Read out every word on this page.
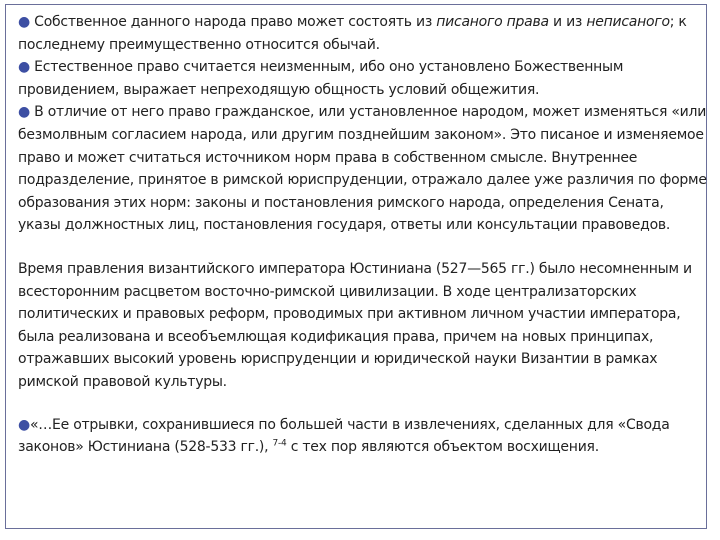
● Собственное данного народа право может состоять из писаного права и из неписаного; к последнему преимущественно относится обычай.

● Естественное право считается неизменным, ибо оно установлено Божественным провидением, выражает непреходящую общность условий общежития.

● В отличие от него право гражданское, или установленное народом, может изменяться «или безмолвным согласием народа, или другим позднейшим законом». Это писаное и изменяемое право и может считаться источником норм права в собственном смысле. Внутреннее подразделение, принятое в римской юриспруденции, отражало далее уже различия по форме образования этих норм: законы и постановления римского народа, определения Сената, указы должностных лиц, постановления государя, ответы или консультации правоведов.

Время правления византийского императора Юстиниана (527—565 гг.) было несомненным и всесторонним расцветом восточно-римской цивилизации. В ходе централизаторских политических и правовых реформ, проводимых при активном личном участии императора, была реализована и всеобъемлющая кодификация права, причем на новых принципах, отражавших высокий уровень юриспруденции и юридической науки Византии в рамках римской правовой культуры.

●«…Ее отрывки, сохранившиеся по большей части в извлечениях, сделанных для «Свода законов» Юстиниана (528-533 гг.), $^{7-4}$ с тех пор являются объектом восхищения.
